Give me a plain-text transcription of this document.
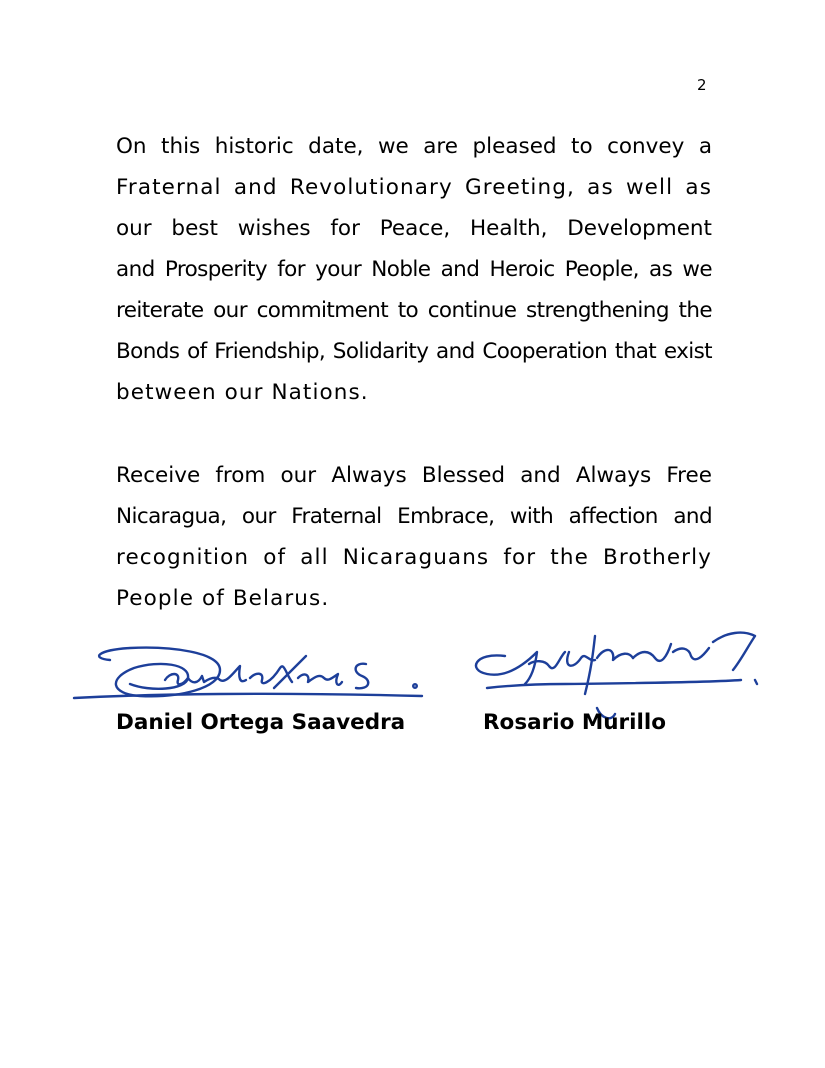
2
On this historic date, we are pleased to convey a
Fraternal and Revolutionary Greeting, as well as
our best wishes for Peace, Health, Development
and Prosperity for your Noble and Heroic People, as we
reiterate our commitment to continue strengthening the
Bonds of Friendship, Solidarity and Cooperation that exist
between our Nations.
Receive from our Always Blessed and Always Free
Nicaragua, our Fraternal Embrace, with affection and
recognition of all Nicaraguans for the Brotherly
People of Belarus.
Daniel Ortega Saavedra	Rosario Murillo
